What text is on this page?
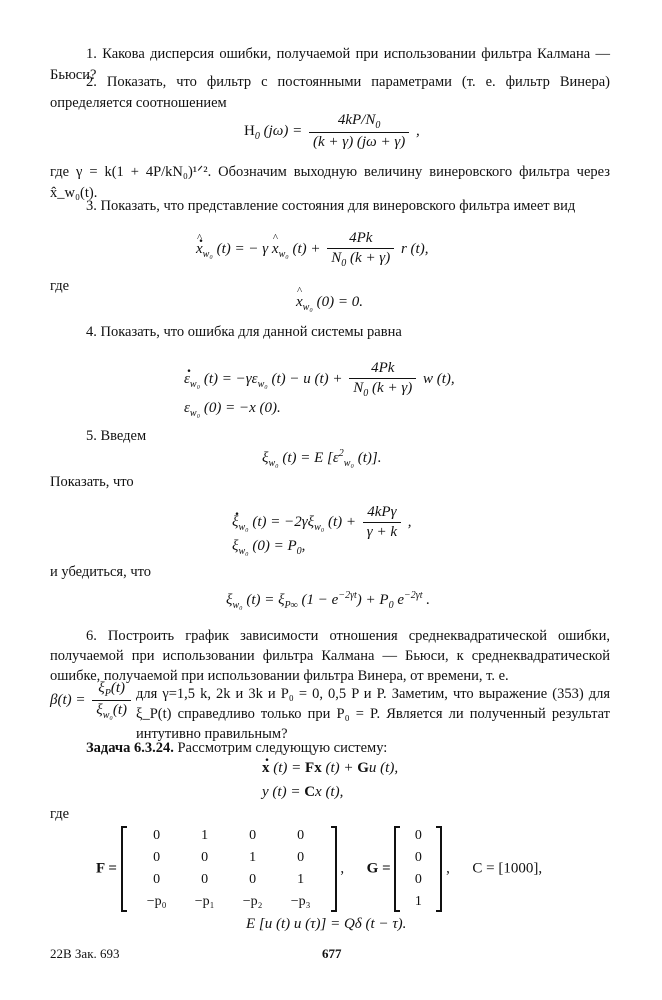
1. Какова дисперсия ошибки, получаемой при использовании фильтра Калмана — Бьюси?

2. Показать, что фильтр с постоянными параметрами (т. е. фильтр Винера) определяется соотношением

$H_0$ $(j\omega) = \frac{4kP/N_0}{(k + \gamma) (j\omega + \gamma)}$ ,

где γ = k(1 + 4P/kN₀)¹ᐟ². Обозначим выходную величину винеровского фильтра через x̂_w₀(t).

3. Показать, что представление состояния для винеровского фильтра имеет вид

. ^ $x_{w_0}$ (t) = − γ ^ $x_{w_0}$ $(t) + \frac{4Pk}{N_0 (k + \gamma)}$ r (t),

где

^ $x_{w_0}$ (0) = 0.

4. Показать, что ошибка для данной системы равна

. $\varepsilon_{w_0}$ $(t) = -\gamma\varepsilon_{w_0}$ (t) − u $(t) + \frac{4Pk}{N_0 (k + \gamma)}$ w (t),
$\varepsilon_{w_0}$ (0) = −x (0).

5. Введем

$\xi_{w_0}$ (t) = E [$\varepsilon^2_{w_0}$ (t)].

Показать, что

. $\xi_{w_0}$ $(t) = -2\gamma\xi_{w_0}$ $(t) + \frac{\text{4kPγ}}{\gamma + k}$ ,
$\xi_{w_0}$ $(0) = P_0$,

и убедиться, что

$\xi_{w_0}$ $(t) = \xi_{P\infty}$ $(1 - e^{-2\gamma t}) + P_0$ $e^{-2\gamma t}$ .

6. Построить график зависимости отношения среднеквадратической ошибки, получаемой при использовании фильтра Калмана — Бьюси, к среднеквадратической ошибке, получаемой при использовании фильтра Винера, от времени, т. е.

$\beta(t) = \frac{\xi_P(t)}{\xi_{w_0}(t)}$ для γ=1,5 k, 2k и 3k и P₀ = 0, 0,5 P и P. Заметим, что выражение (353) для ξ_P(t) справедливо только при P₀ = P. Является ли полученный результат интутивно правильным?

Задача 6.3.24. Рассмотрим следующую систему:
. x (t) = Fx (t) + Gu (t),
y (t) = Cx (t),

где

F =
0	1	0	0
0	0	1	0
0	0	0	1
−p₀	−p₁	−p₂	−p₃
,      G =
0
0
0
1
,      C = [1000],
E [u (t) u (τ)] = Qδ (t − τ).
22В Зак. 693	677
